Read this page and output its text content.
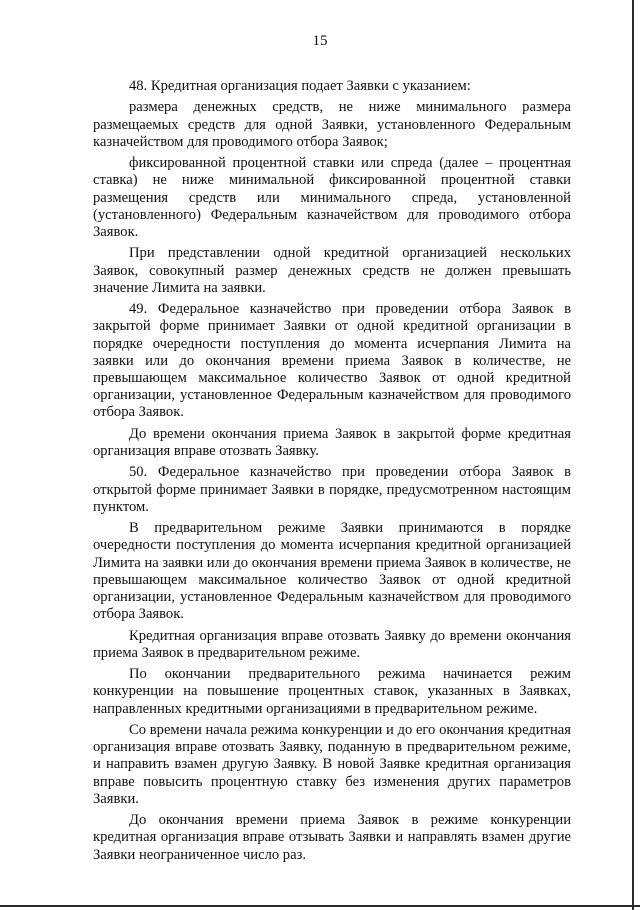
15

48. Кредитная организация подает Заявки с указанием:

размера денежных средств, не ниже минимального размера размещаемых средств для одной Заявки, установленного Федеральным казначейством для проводимого отбора Заявок;

фиксированной процентной ставки или спреда (далее – процентная ставка) не ниже минимальной фиксированной процентной ставки размещения средств или минимального спреда, установленной (установленного) Федеральным казначейством для проводимого отбора Заявок.

При представлении одной кредитной организацией нескольких Заявок, совокупный размер денежных средств не должен превышать значение Лимита на заявки.

49. Федеральное казначейство при проведении отбора Заявок в закрытой форме принимает Заявки от одной кредитной организации в порядке очередности поступления до момента исчерпания Лимита на заявки или до окончания времени приема Заявок в количестве, не превышающем максимальное количество Заявок от одной кредитной организации, установленное Федеральным казначейством для проводимого отбора Заявок.

До времени окончания приема Заявок в закрытой форме кредитная организация вправе отозвать Заявку.

50. Федеральное казначейство при проведении отбора Заявок в открытой форме принимает Заявки в порядке, предусмотренном настоящим пунктом.

В предварительном режиме Заявки принимаются в порядке очередности поступления до момента исчерпания кредитной организацией Лимита на заявки или до окончания времени приема Заявок в количестве, не превышающем максимальное количество Заявок от одной кредитной организации, установленное Федеральным казначейством для проводимого отбора Заявок.

Кредитная организация вправе отозвать Заявку до времени окончания приема Заявок в предварительном режиме.

По окончании предварительного режима начинается режим конкуренции на повышение процентных ставок, указанных в Заявках, направленных кредитными организациями в предварительном режиме.

Со времени начала режима конкуренции и до его окончания кредитная организация вправе отозвать Заявку, поданную в предварительном режиме, и направить взамен другую Заявку. В новой Заявке кредитная организация вправе повысить процентную ставку без изменения других параметров Заявки.

До окончания времени приема Заявок в режиме конкуренции кредитная организация вправе отзывать Заявки и направлять взамен другие Заявки неограниченное число раз.
